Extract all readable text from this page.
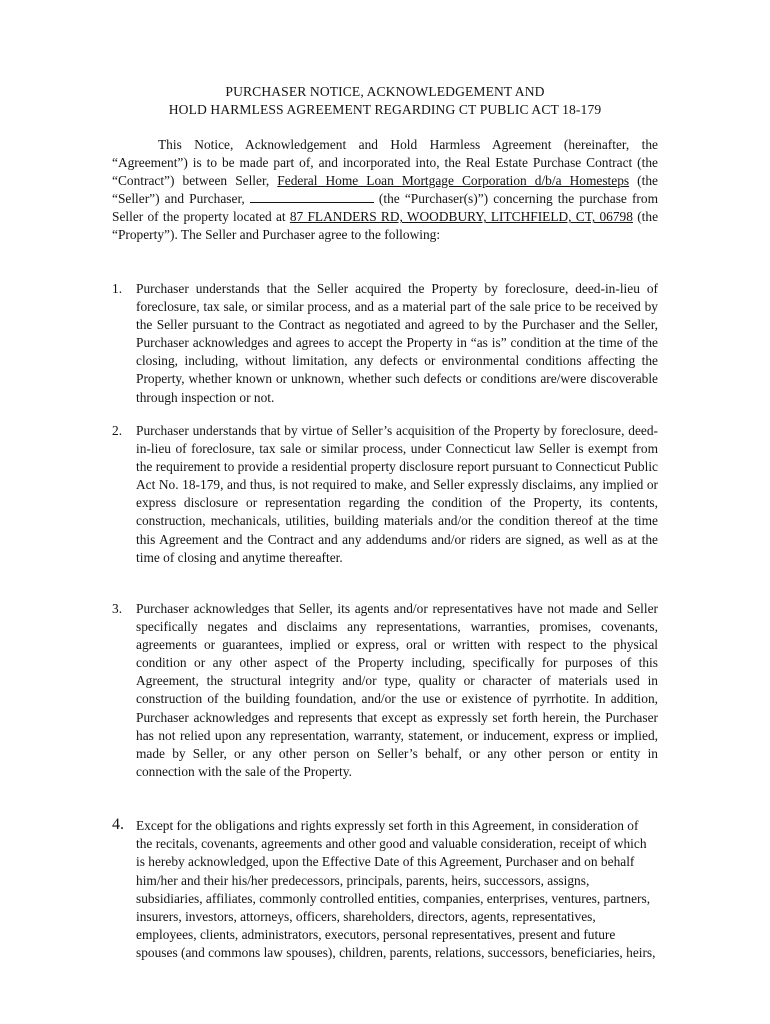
PURCHASER NOTICE, ACKNOWLEDGEMENT AND
HOLD HARMLESS AGREEMENT REGARDING CT PUBLIC ACT 18-179
This Notice, Acknowledgement and Hold Harmless Agreement (hereinafter, the “Agreement”) is to be made part of, and incorporated into, the Real Estate Purchase Contract (the “Contract”) between Seller, Federal Home Loan Mortgage Corporation d/b/a Homesteps (the “Seller”) and Purchaser,	(the “Purchaser(s)”) concerning the purchase from Seller of the property located at 87 FLANDERS RD, WOODBURY, LITCHFIELD, CT, 06798 (the “Property”). The Seller and Purchaser agree to the following:
1. Purchaser understands that the Seller acquired the Property by foreclosure, deed-in-lieu of foreclosure, tax sale, or similar process, and as a material part of the sale price to be received by the Seller pursuant to the Contract as negotiated and agreed to by the Purchaser and the Seller, Purchaser acknowledges and agrees to accept the Property in “as is” condition at the time of the closing, including, without limitation, any defects or environmental conditions affecting the Property, whether known or unknown, whether such defects or conditions are/were discoverable through inspection or not.
2. Purchaser understands that by virtue of Seller’s acquisition of the Property by foreclosure, deed-in-lieu of foreclosure, tax sale or similar process, under Connecticut law Seller is exempt from the requirement to provide a residential property disclosure report pursuant to Connecticut Public Act No. 18-179, and thus, is not required to make, and Seller expressly disclaims, any implied or express disclosure or representation regarding the condition of the Property, its contents, construction, mechanicals, utilities, building materials and/or the condition thereof at the time this Agreement and the Contract and any addendums and/or riders are signed, as well as at the time of closing and anytime thereafter.
3. Purchaser acknowledges that Seller, its agents and/or representatives have not made and Seller specifically negates and disclaims any representations, warranties, promises, covenants, agreements or guarantees, implied or express, oral or written with respect to the physical condition or any other aspect of the Property including, specifically for purposes of this Agreement, the structural integrity and/or type, quality or character of materials used in construction of the building foundation, and/or the use or existence of pyrrhotite. In addition, Purchaser acknowledges and represents that except as expressly set forth herein, the Purchaser has not relied upon any representation, warranty, statement, or inducement, express or implied, made by Seller, or any other person on Seller’s behalf, or any other person or entity in connection with the sale of the Property.
4. Except for the obligations and rights expressly set forth in this Agreement, in consideration of the recitals, covenants, agreements and other good and valuable consideration, receipt of which is hereby acknowledged, upon the Effective Date of this Agreement, Purchaser and on behalf him/her and their his/her predecessors, principals, parents, heirs, successors, assigns, subsidiaries, affiliates, commonly controlled entities, companies, enterprises, ventures, partners, insurers, investors, attorneys, officers, shareholders, directors, agents, representatives, employees, clients, administrators, executors, personal representatives, present and future spouses (and commons law spouses), children, parents, relations, successors, beneficiaries, heirs,
